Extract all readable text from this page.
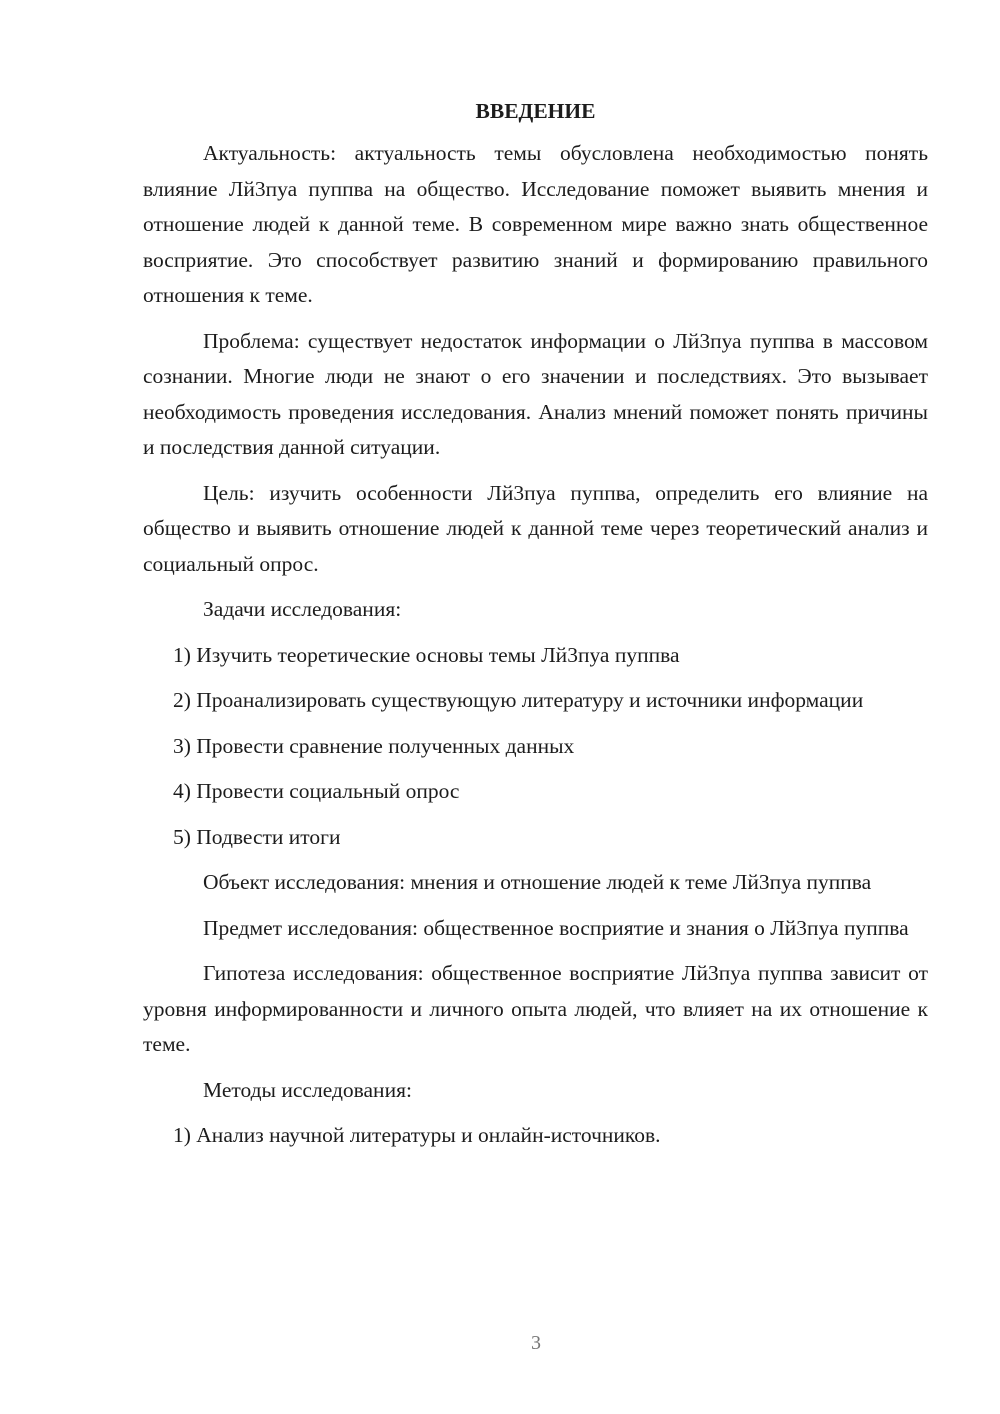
ВВЕДЕНИЕ

Актуальность: актуальность темы обусловлена необходимостью понять влияние Лй3пуа пуппва на общество. Исследование поможет выявить мнения и отношение людей к данной теме. В современном мире важно знать общественное восприятие. Это способствует развитию знаний и формированию правильного отношения к теме.

Проблема: существует недостаток информации о Лй3пуа пуппва в массовом сознании. Многие люди не знают о его значении и последствиях. Это вызывает необходимость проведения исследования. Анализ мнений поможет понять причины и последствия данной ситуации.

Цель: изучить особенности Лй3пуа пуппва, определить его влияние на общество и выявить отношение людей к данной теме через теоретический анализ и социальный опрос.

Задачи исследования:

1) Изучить теоретические основы темы Лй3пуа пуппва

2) Проанализировать существующую литературу и источники информации

3) Провести сравнение полученных данных

4) Провести социальный опрос

5) Подвести итоги

Объект исследования: мнения и отношение людей к теме Лй3пуа пуппва

Предмет исследования: общественное восприятие и знания о Лй3пуа пуппва

Гипотеза исследования: общественное восприятие Лй3пуа пуппва зависит от уровня информированности и личного опыта людей, что влияет на их отношение к теме.

Методы исследования:

1) Анализ научной литературы и онлайн-источников.

3
